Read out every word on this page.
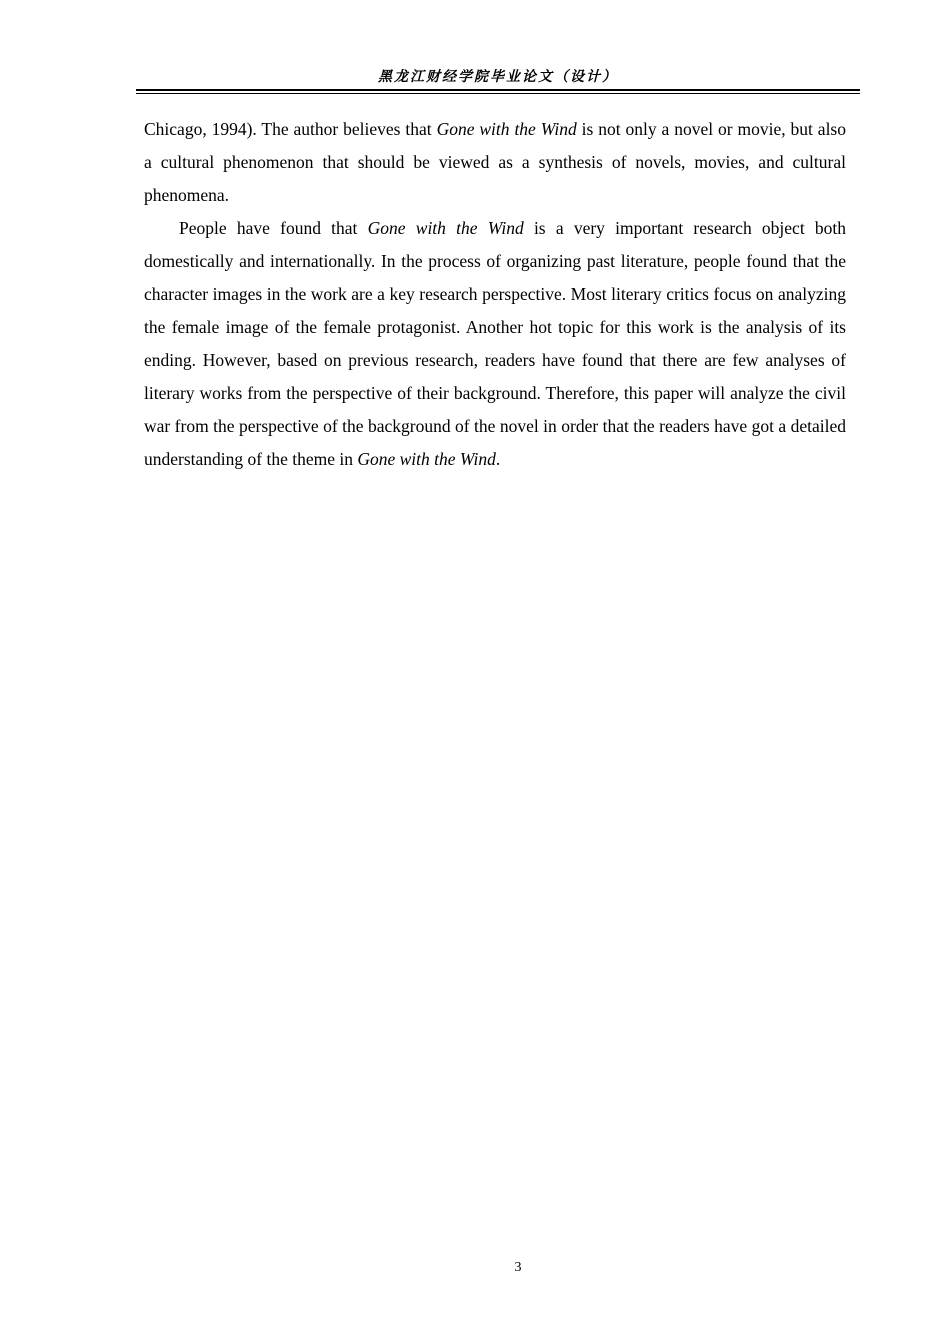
黑龙江财经学院毕业论文（设计）

Chicago, 1994). The author believes that Gone with the Wind is not only a novel or movie, but also a cultural phenomenon that should be viewed as a synthesis of novels, movies, and cultural phenomena.

People have found that Gone with the Wind is a very important research object both domestically and internationally. In the process of organizing past literature, people found that the character images in the work are a key research perspective. Most literary critics focus on analyzing the female image of the female protagonist. Another hot topic for this work is the analysis of its ending. However, based on previous research, readers have found that there are few analyses of literary works from the perspective of their background. Therefore, this paper will analyze the civil war from the perspective of the background of the novel in order that the readers have got a detailed understanding of the theme in Gone with the Wind.

3
